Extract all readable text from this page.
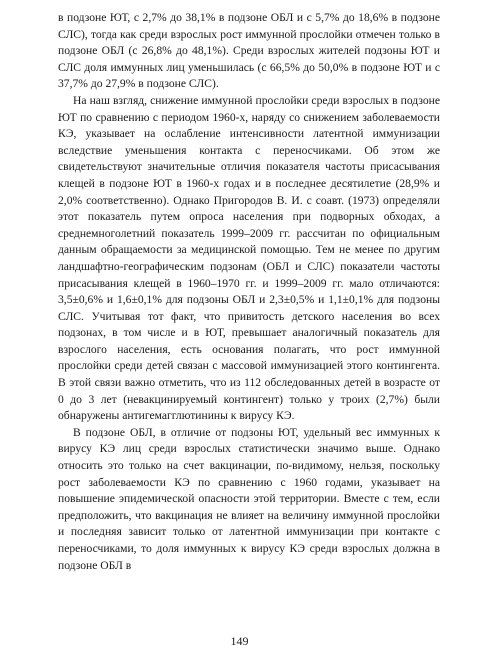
в подзоне ЮТ, с 2,7% до 38,1% в подзоне ОБЛ и с 5,7% до 18,6% в подзоне СЛС), тогда как среди взрослых рост иммунной прослойки отмечен только в подзоне ОБЛ (с 26,8% до 48,1%). Среди взрослых жителей подзоны ЮТ и СЛС доля иммунных лиц уменьшилась (с 66,5% до 50,0% в подзоне ЮТ и с 37,7% до 27,9% в подзоне СЛС).

На наш взгляд, снижение иммунной прослойки среди взрослых в подзоне ЮТ по сравнению с периодом 1960-х, наряду со снижением заболеваемости КЭ, указывает на ослабление интенсивности латентной иммунизации вследствие уменьшения контакта с переносчиками. Об этом же свидетельствуют значительные отличия показателя частоты присасывания клещей в подзоне ЮТ в 1960-х годах и в последнее десятилетие (28,9% и 2,0% соответственно). Однако Пригородов В. И. с соавт. (1973) определяли этот показатель путем опроса населения при подворных обходах, а среднемноголетний показатель 1999–2009 гг. рассчитан по официальным данным обращаемости за медицинской помощью. Тем не менее по другим ландшафтно-географическим подзонам (ОБЛ и СЛС) показатели частоты присасывания клещей в 1960–1970 гг. и 1999–2009 гг. мало отличаются: 3,5±0,6% и 1,6±0,1% для подзоны ОБЛ и 2,3±0,5% и 1,1±0,1% для подзоны СЛС. Учитывая тот факт, что привитость детского населения во всех подзонах, в том числе и в ЮТ, превышает аналогичный показатель для взрослого населения, есть основания полагать, что рост иммунной прослойки среди детей связан с массовой иммунизацией этого контингента. В этой связи важно отметить, что из 112 обследованных детей в возрасте от 0 до 3 лет (невакцинируемый контингент) только у троих (2,7%) были обнаружены антигемагглютинины к вирусу КЭ.

В подзоне ОБЛ, в отличие от подзоны ЮТ, удельный вес иммунных к вирусу КЭ лиц среди взрослых статистически значимо выше. Однако относить это только на счет вакцинации, по-видимому, нельзя, поскольку рост заболеваемости КЭ по сравнению с 1960 годами, указывает на повышение эпидемической опасности этой территории. Вместе с тем, если предположить, что вакцинация не влияет на величину иммунной прослойки и последняя зависит только от латентной иммунизации при контакте с переносчиками, то доля иммунных к вирусу КЭ среди взрослых должна в подзоне ОБЛ в

149
